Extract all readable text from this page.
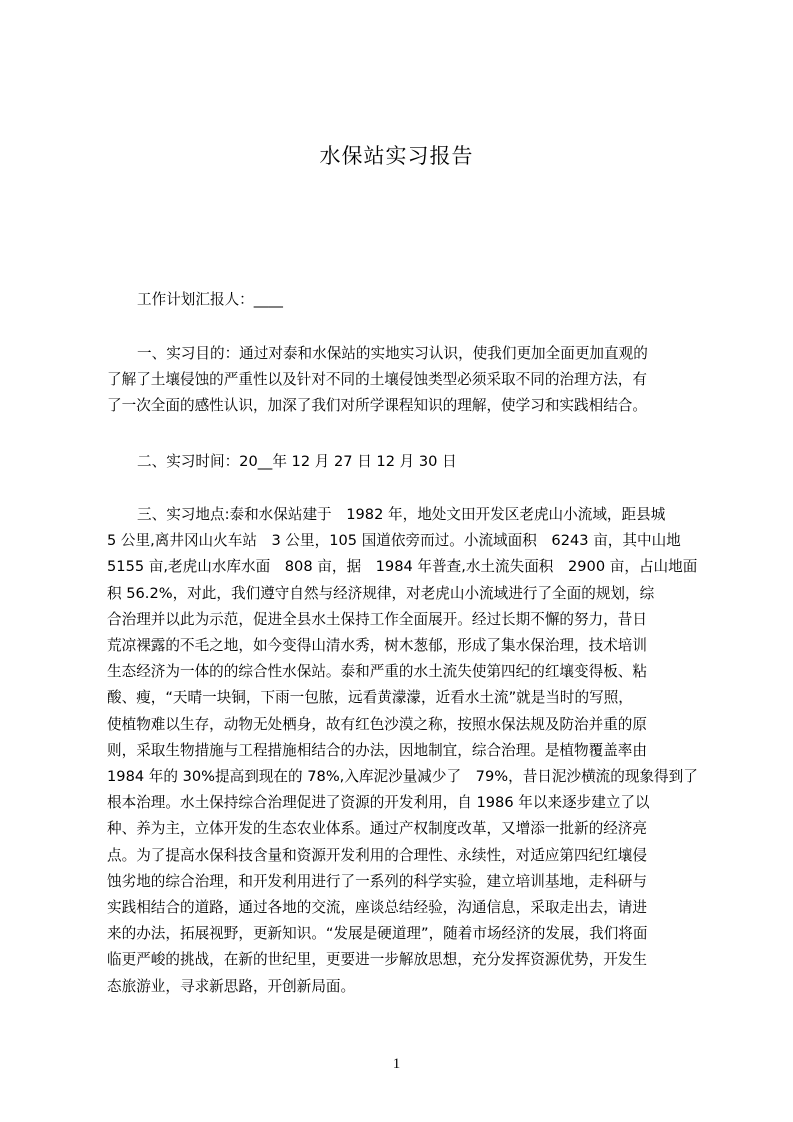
水保站实习报告
工作计划汇报人：____
一、实习目的：通过对泰和水保站的实地实习认识，使我们更加全面更加直观的
了解了土壤侵蚀的严重性以及针对不同的土壤侵蚀类型必须采取不同的治理方法，有
了一次全面的感性认识，加深了我们对所学课程知识的理解，使学习和实践相结合。
二、实习时间：20__年 12 月 27 日 12 月 30 日
三、实习地点:泰和水保站建于　1982 年，地处文田开发区老虎山小流域，距县城
5 公里,离井冈山火车站　3 公里，105 国道依旁而过。小流域面积　6243 亩，其中山地
5155 亩,老虎山水库水面　808 亩，据　1984 年普查,水土流失面积　2900 亩，占山地面
积 56.2%，对此，我们遵守自然与经济规律，对老虎山小流域进行了全面的规划，综
合治理并以此为示范，促进全县水土保持工作全面展开。经过长期不懈的努力，昔日
荒凉裸露的不毛之地，如今变得山清水秀，树木葱郁，形成了集水保治理，技术培训
生态经济为一体的的综合性水保站。泰和严重的水土流失使第四纪的红壤变得板、粘
酸、瘦，“天晴一块铜，下雨一包脓，远看黄濛濛，近看水土流”就是当时的写照，
使植物难以生存，动物无处栖身，故有红色沙漠之称，按照水保法规及防治并重的原
则，采取生物措施与工程措施相结合的办法，因地制宜，综合治理。是植物覆盖率由
1984 年的 30%提高到现在的 78%,入库泥沙量减少了　79%，昔日泥沙横流的现象得到了
根本治理。水土保持综合治理促进了资源的开发利用，自 1986 年以来逐步建立了以
种、养为主，立体开发的生态农业体系。通过产权制度改革，又增添一批新的经济亮
点。为了提高水保科技含量和资源开发利用的合理性、永续性，对适应第四纪红壤侵
蚀劣地的综合治理，和开发利用进行了一系列的科学实验，建立培训基地，走科研与
实践相结合的道路，通过各地的交流，座谈总结经验，沟通信息，采取走出去，请进
来的办法，拓展视野，更新知识。“发展是硬道理”，随着市场经济的发展，我们将面
临更严峻的挑战，在新的世纪里，更要进一步解放思想，充分发挥资源优势，开发生
态旅游业，寻求新思路，开创新局面。
1
